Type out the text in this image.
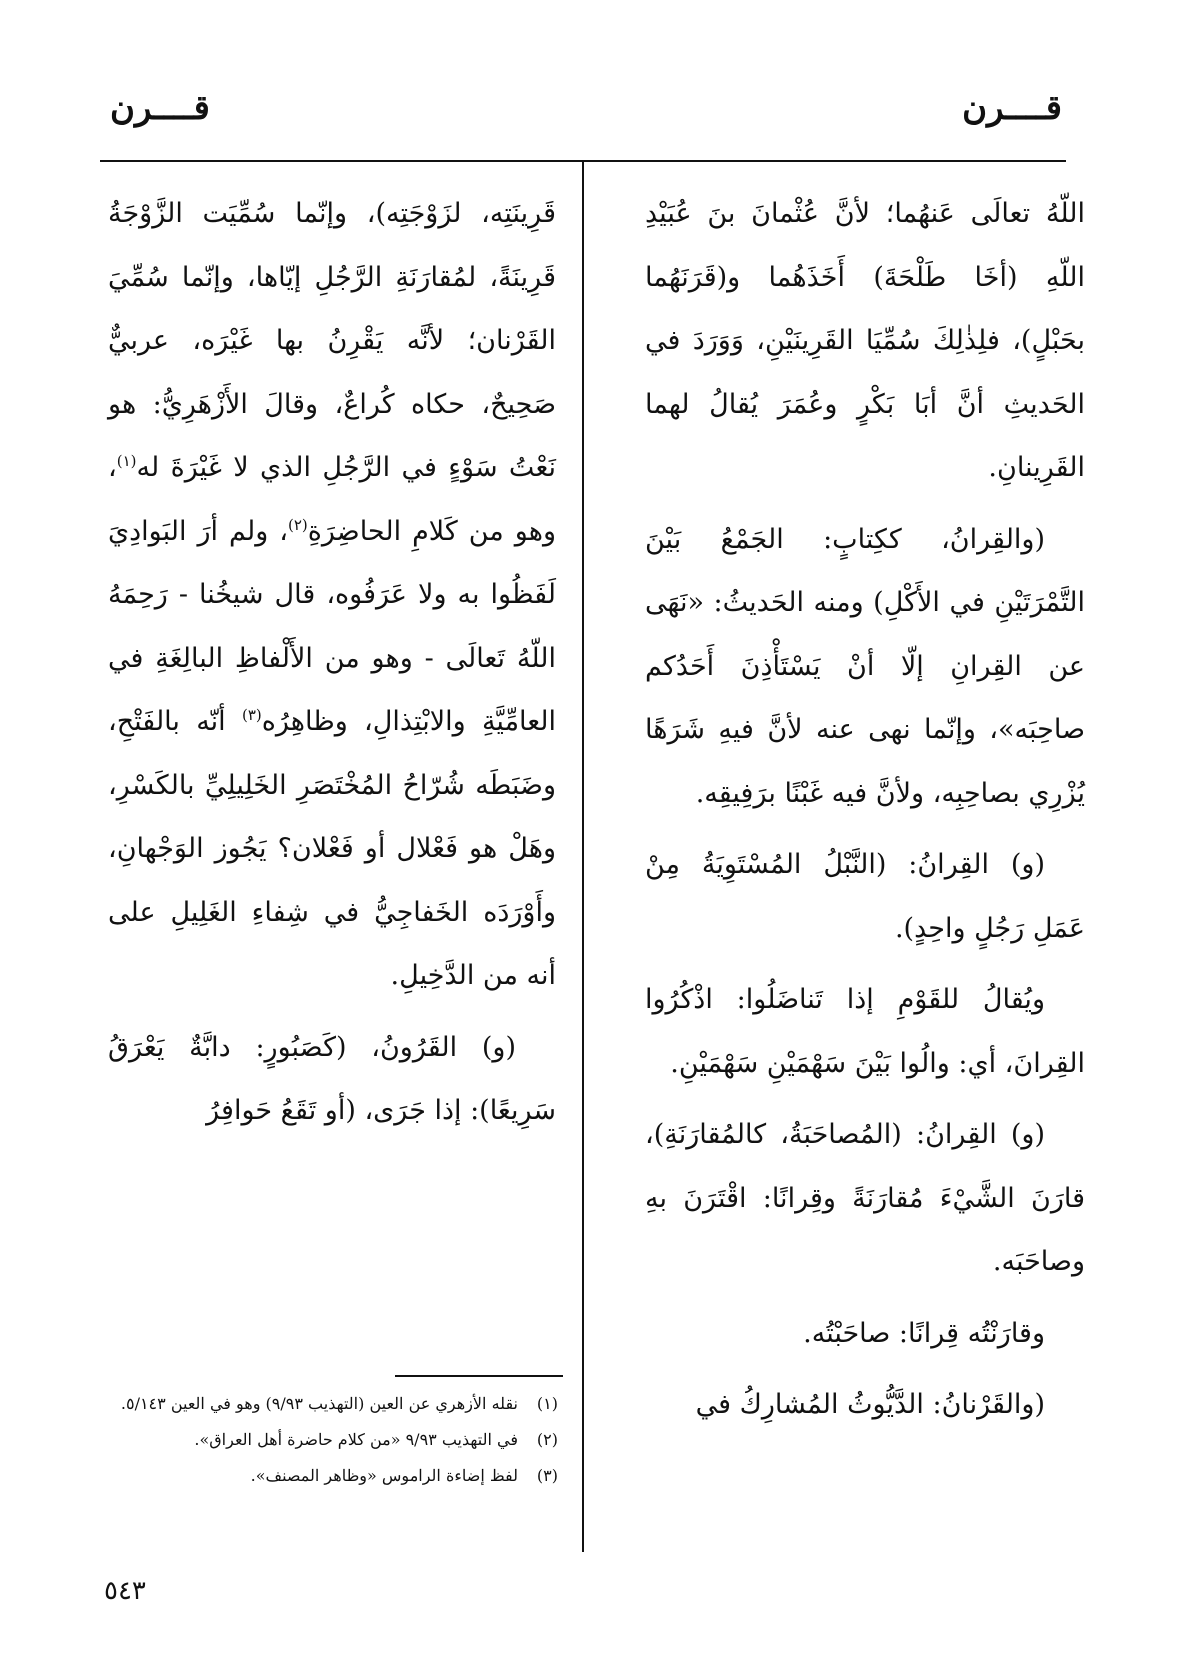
قــــرن
قــــرن

اللّهُ تعالَى عَنهُما؛ لأنَّ عُثْمانَ بنَ عُبَيْدِ اللّهِ (أخَا طَلْحَةَ) أَخَذَهُما و(قَرَنَهُما بحَبْلٍ)، فلِذٰلِكَ سُمِّيَا القَرِينَيْنِ، وَوَرَدَ في الحَديثِ أنَّ أبَا بَكْرٍ وعُمَرَ يُقالُ لهما القَرِينانِ.

(والقِرانُ، ككِتابٍ: الجَمْعُ بَيْنَ التَّمْرَتَيْنِ في الأَكْلِ) ومنه الحَديثُ: «نَهَى عن القِرانِ إلّا أنْ يَسْتَأْذِنَ أَحَدُكم صاحِبَه»، وإنّما نهى عنه لأنَّ فيهِ شَرَهًا يُزْرِي بصاحِبِه، ولأنَّ فيه غَبْنًا برَفِيقِه.

(و) القِرانُ: (النَّبْلُ المُسْتَوِيَةُ مِنْ عَمَلِ رَجُلٍ واحِدٍ).

ويُقالُ للقَوْمِ إذا تَناضَلُوا: اذْكُرُوا القِرانَ، أي: والُوا بَيْنَ سَهْمَيْنِ سَهْمَيْنِ.

(و) القِرانُ: (المُصاحَبَةُ، كالمُقارَنَةِ)، قارَنَ الشَّيْءَ مُقارَنَةً وقِرانًا: اقْتَرَنَ بهِ وصاحَبَه.

وقارَنْتُه قِرانًا: صاحَبْتُه.

(والقَرْنانُ: الدَّيُّوثُ المُشارِكُ في

قَرِينَتِه، لزَوْجَتِه)، وإنّما سُمِّيَت الزَّوْجَةُ قَرِينَةً، لمُقارَنَةِ الرَّجُلِ إيّاها، وإنّما سُمِّيَ القَرْنان؛ لأنَّه يَقْرِنُ بها غَيْرَه، عربيٌّ صَحِيحٌ، حكاه كُراعٌ، وقالَ الأَزْهَرِيُّ: هو نَعْتُ سَوْءٍ في الرَّجُلِ الذي لا غَيْرَةَ له$^{(١)}$، وهو من كَلامِ الحاضِرَةِ$^{(٢)}$، ولم أرَ البَوادِيَ لَفَظُوا به ولا عَرَفُوه، قال شيخُنا - رَحِمَهُ اللّهُ تَعالَى - وهو من الأَلْفاظِ البالِغَةِ في العامِّيَّةِ والابْتِذالِ، وظاهِرُه$^{(٣)}$ أنّه بالفَتْحِ، وضَبَطَه شُرّاحُ المُخْتَصَرِ الخَلِيلِيِّ بالكَسْرِ، وهَلْ هو فَعْلال أو فَعْلان؟ يَجُوز الوَجْهانِ، وأَوْرَدَه الخَفاجِيُّ في شِفاءِ الغَلِيلِ على أنه من الدَّخِيلِ.

(و) القَرُونُ، (كَصَبُورٍ: دابَّةٌ يَعْرَقُ سَرِيعًا): إذا جَرَى، (أو تَقَعُ حَوافِرُ

(١)
نقله الأزهري عن العين (التهذيب ٩/٩٣) وهو في العين ٥/١٤٣.
(٢)
في التهذيب ٩/٩٣ «من كلام حاضرة أهل العراق».
(٣)
لفظ إضاءة الراموس «وظاهر المصنف».
٥٤٣
